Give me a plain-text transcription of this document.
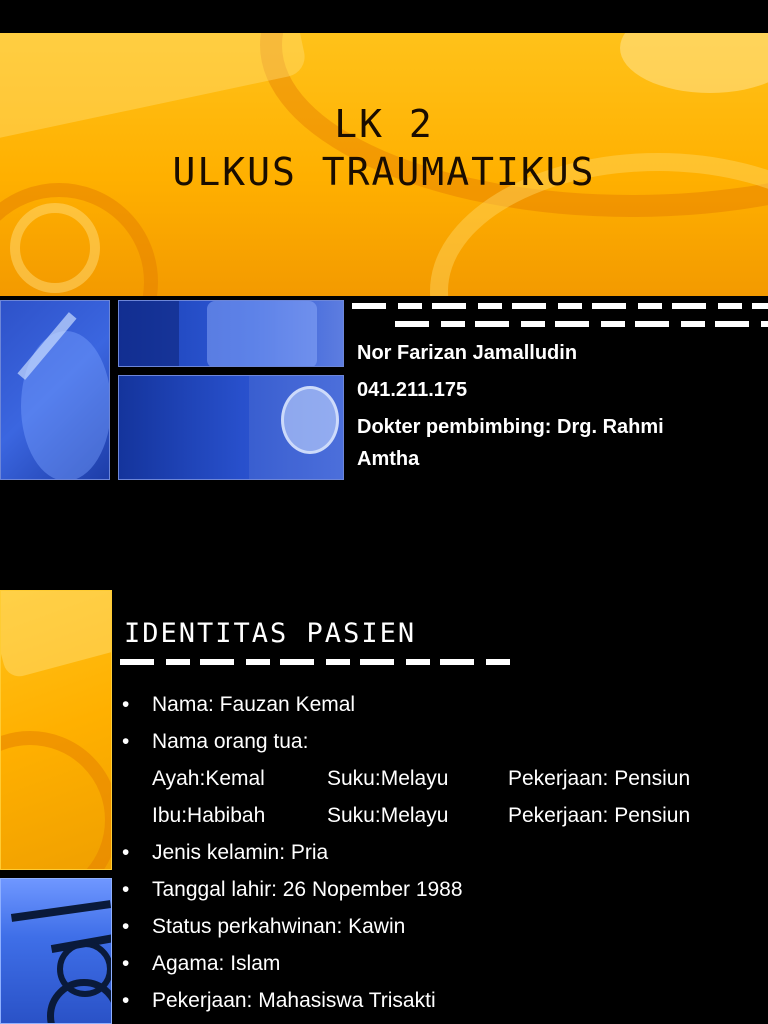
LK 2
ULKUS TRAUMATIKUS
Nor Farizan Jamalludin
041.211.175
Dokter pembimbing: Drg. Rahmi
Amtha
IDENTITAS PASIEN
• Nama: Fauzan Kemal
• Nama orang tua:
Ayah:Kemal	Suku:Melayu	Pekerjaan: Pensiun
Ibu:Habibah	Suku:Melayu	Pekerjaan: Pensiun
• Jenis kelamin: Pria
• Tanggal lahir: 26 Nopember 1988
• Status perkahwinan: Kawin
• Agama: Islam
• Pekerjaan: Mahasiswa Trisakti
